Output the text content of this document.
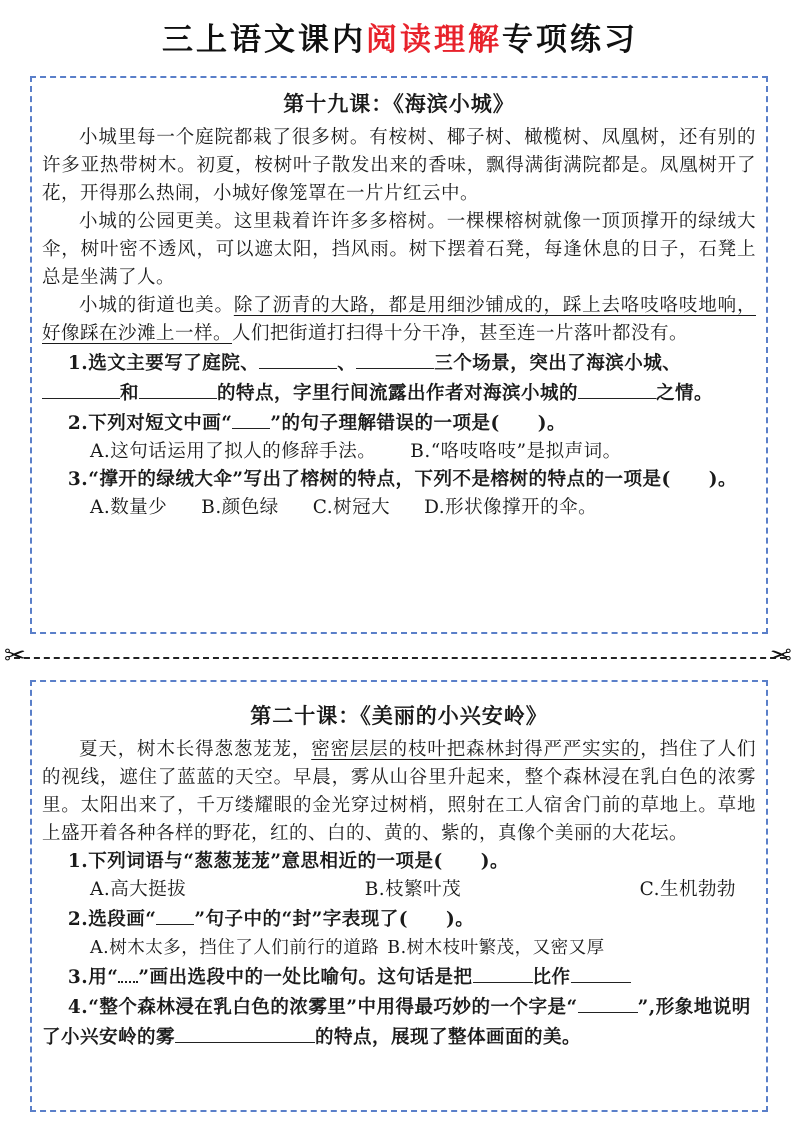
三上语文课内阅读理解专项练习
第十九课：《海滨小城》

小城里每一个庭院都栽了很多树。有桉树、椰子树、橄榄树、凤凰树，还有别的许多亚热带树木。初夏，桉树叶子散发出来的香味，飘得满街满院都是。凤凰树开了花，开得那么热闹，小城好像笼罩在一片片红云中。

小城的公园更美。这里栽着许许多多榕树。一棵棵榕树就像一顶顶撑开的绿绒大伞，树叶密不透风，可以遮太阳，挡风雨。树下摆着石凳，每逢休息的日子，石凳上总是坐满了人。

小城的街道也美。除了沥青的大路，都是用细沙铺成的，踩上去咯吱咯吱地响，好像踩在沙滩上一样。人们把街道打扫得十分干净，甚至连一片落叶都没有。

1.选文主要写了庭院、	、	三个场景，突出了海滨小城、和	的特点，字里行间流露出作者对海滨小城的	之情。

2.下列对短文中画“ ”的句子理解错误的一项是(　　)。

A.这句话运用了拟人的修辞手法。 B.“咯吱咯吱”是拟声词。

3.“撑开的绿绒大伞”写出了榕树的特点，下列不是榕树的特点的一项是(　　)。

A.数量少 B.颜色绿 C.树冠大 D.形状像撑开的伞。

✂	✂
第二十课：《美丽的小兴安岭》

夏天，树木长得葱葱茏茏，密密层层的枝叶把森林封得严严实实的，挡住了人们的视线，遮住了蓝蓝的天空。早晨，雾从山谷里升起来，整个森林浸在乳白色的浓雾里。太阳出来了，千万缕耀眼的金光穿过树梢，照射在工人宿舍门前的草地上。草地上盛开着各种各样的野花，红的、白的、黄的、紫的，真像个美丽的大花坛。

1.下列词语与“葱葱茏茏”意思相近的一项是(　　)。

A.高大挺拔	B.枝繁叶茂	C.生机勃勃

2.选段画“ ”句子中的“封”字表现了(　　)。

A.树木太多，挡住了人们前行的道路 B.树木枝叶繁茂，又密又厚

3.用“ ”画出选段中的一处比喻句。这句话是把	比作

4.“整个森林浸在乳白色的浓雾里”中用得最巧妙的一个字是“	”,形象地说明了小兴安岭的雾	的特点，展现了整体画面的美。
